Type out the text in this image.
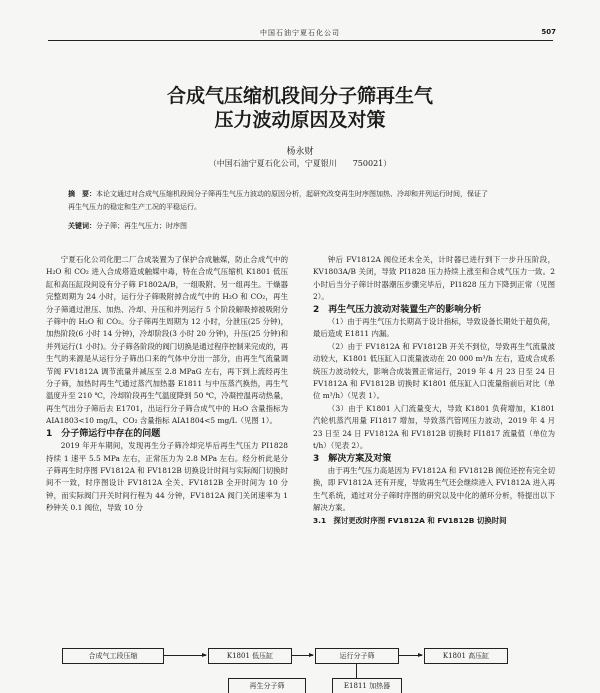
中国石油宁夏石化公司	507
合成气压缩机段间分子筛再生气
压力波动原因及对策
杨永财
（中国石油宁夏石化公司，宁夏银川　　750021）
摘　要：本论文通过对合成气压缩机段间分子筛再生气压力波动的原因分析，起研究改变再生时序图加热、冷却和并列运行时间，保证了
再生气压力的稳定和生产工况的平稳运行。
关键词：分子筛；再生气压力；时序图

宁夏石化公司化肥二厂合成装置为了保护合成触媒，防止合成气中的 H₂O 和 CO₂ 进入合成塔造成触媒中毒，特在合成气压缩机 K1801 低压缸和高压缸段间设有分子筛 F1802A/B，一组吸附、另一组再生。干燥器完整周期为 24 小时，运行分子筛吸附掉合成气中的 H₂O 和 CO₂，再生分子筛通过泄压、加热、冷却、升压和并列运行 5 个阶段解吸掉被吸附分子筛中的 H₂O 和 CO₂。分子筛再生周期为 12 小时，分泄压(25 分钟)，加热阶段(6 小时 14 分钟)，冷却阶段(3 小时 20 分钟)，升压(25 分钟)和并列运行(1 小时)。分子筛各阶段的阀门切换是通过程序控制来完成的，再生气的来源是从运行分子筛出口来的气体中分出一部分，由再生气流量调节阀 FV1812A 调节流量并减压至 2.8 MPaG 左右，再下到上流经再生分子筛，加热时再生气通过蒸汽加热器 E1811 与中压蒸汽换热，再生气温度升至 210 ℃，冷却阶段再生气温度降到 50 ℃，冷凝控温再动热量，再生气出分子筛后去 E1701，出运行分子筛合成气中的 H₂O 含量指标为 AIA1803<10 mg/L，CO₂ 含量指标 AIA1804<5 mg/L（见图 1）。

1　分子筛运行中存在的问题

2019 年开车期间，发现再生分子筛冷却完毕后再生气压力 PI1828 持续 1 速平 5.5 MPa 左右，正常压力为 2.8 MPa 左右。经分析此是分子筛再生时序图 FV1812A 和 FV1812B 切换设计时间与实际阀门切换时间不一致，时序图设计 FV1812A 全关、FV1812B 全开时间为 10 分钟，而实际阀门开关时间行程为 44 分钟，FV1812A 阀门关闭速率为 1 秒钟关 0.1 阀位，导致 10 分

钟后 FV1812A 阀位还未全关，计时器已进行到下一步升压阶段，KV1803A/B 关闭，导致 PI1828 压力持续上涨至和合成气压力一致。2 小时后当分子筛计时器潮压步骤完毕后，PI1828 压力下降到正常（见图 2）。

2　再生气压力波动对装置生产的影响分析

（1）由于再生气压力长期高于设计指标，导致设备长期处于超负荷，最后造成 E1811 内漏。

（2）由于 FV1812A 和 FV1812B 开关不到位，导致再生气流量波动较大，K1801 低压缸入口流量波动在 20 000 m³/h 左右，造成合成系统压力波动较大，影响合成装置正常运行，2019 年 4 月 23 日至 24 日 FV1812A 和 FV1812B 切换时 K1801 低压缸入口流量指前后对比（单位 m³/h）（见表 1）。

（3）由于 K1801 入门流量变大，导致 K1801 负荷增加，K1801 汽轮机蒸汽用量 FI1817 增加，导致蒸汽管网压力波动，2019 年 4 月 23 日至 24 日 FV1812A 和 FV1812B 切换时 FI1817 流量值（单位为 t/h）（见表 2）。

3　解决方案及对策

由于再生气压力高是因为 FV1812A 和 FV1812B 阀位还控有完全切换，即 FV1812A 还有开度，导致再生气还会继续进入 FV1812A 进入再生气系统，通过对分子筛时序图的研究以及中化的循环分析，特提出以下解决方案。

3.1　探讨更改时序图 FV1812A 和 FV1812B 切换时间

合成气工段压缩	K1801 低压缸	运行分子筛	K1801 高压缸
再生分子筛	E1811 加热器
